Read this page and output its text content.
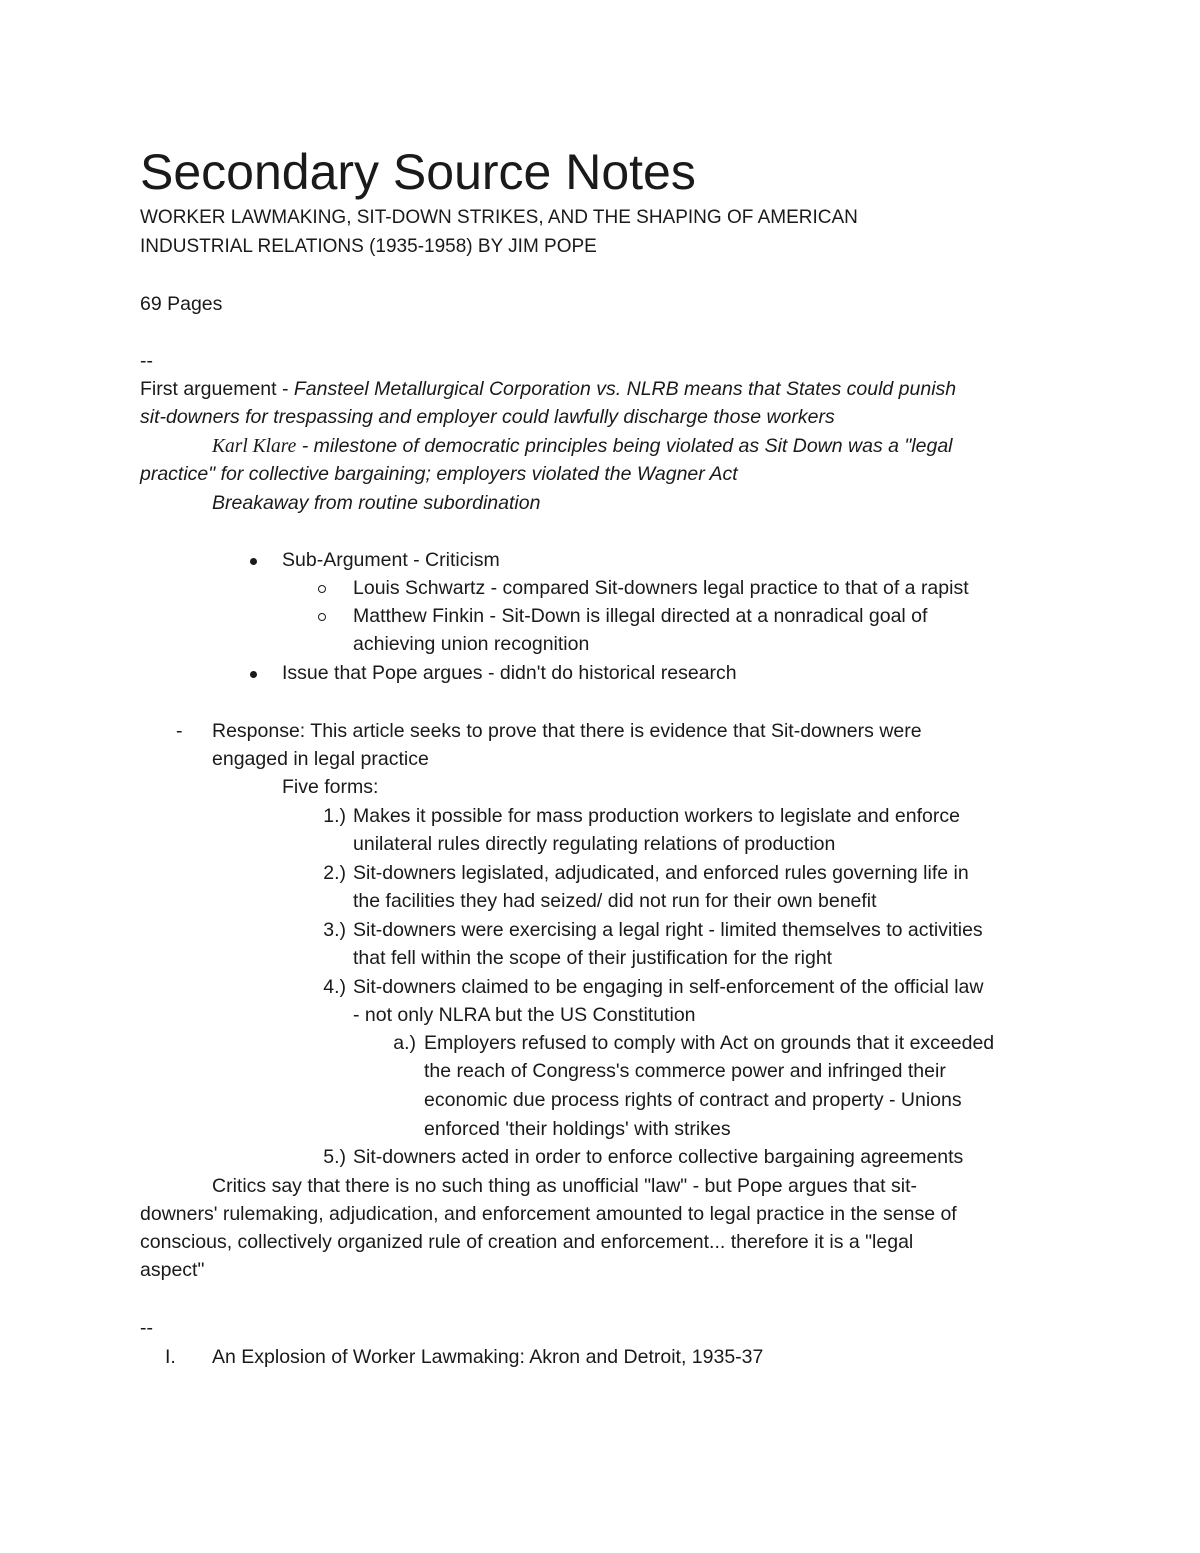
Secondary Source Notes
WORKER LAWMAKING, SIT-DOWN STRIKES, AND THE SHAPING OF AMERICAN
INDUSTRIAL RELATIONS (1935-1958) BY JIM POPE
69 Pages
--
First arguement - Fansteel Metallurgical Corporation vs. NLRB means that States could punish
sit-downers for trespassing and employer could lawfully discharge those workers
Karl Klare - milestone of democratic principles being violated as Sit Down was a "legal
practice" for collective bargaining; employers violated the Wagner Act
Breakaway from routine subordination
Sub-Argument - Criticism
Louis Schwartz - compared Sit-downers legal practice to that of a rapist
Matthew Finkin - Sit-Down is illegal directed at a nonradical goal of
achieving union recognition
Issue that Pope argues - didn't do historical research
- Response: This article seeks to prove that there is evidence that Sit-downers were
engaged in legal practice
Five forms:
1.) Makes it possible for mass production workers to legislate and enforce
unilateral rules directly regulating relations of production
2.) Sit-downers legislated, adjudicated, and enforced rules governing life in
the facilities they had seized/ did not run for their own benefit
3.) Sit-downers were exercising a legal right - limited themselves to activities
that fell within the scope of their justification for the right
4.) Sit-downers claimed to be engaging in self-enforcement of the official law
- not only NLRA but the US Constitution
a.) Employers refused to comply with Act on grounds that it exceeded
the reach of Congress's commerce power and infringed their
economic due process rights of contract and property - Unions
enforced 'their holdings' with strikes
5.) Sit-downers acted in order to enforce collective bargaining agreements
Critics say that there is no such thing as unofficial "law" - but Pope argues that sit-
downers' rulemaking, adjudication, and enforcement amounted to legal practice in the sense of
conscious, collectively organized rule of creation and enforcement... therefore it is a "legal
aspect"
--
I. An Explosion of Worker Lawmaking: Akron and Detroit, 1935-37
